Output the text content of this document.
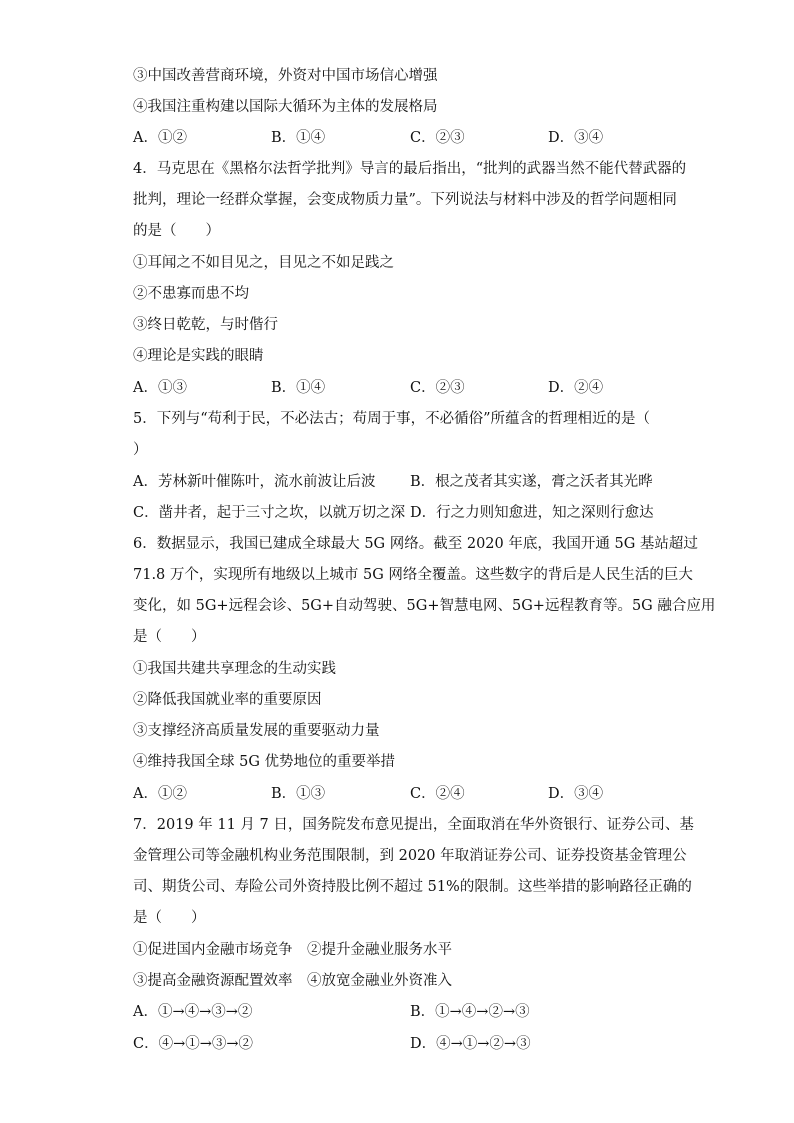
③中国改善营商环境，外资对中国市场信心增强
④我国注重构建以国际大循环为主体的发展格局
A．①②	B．①④	C．②③	D．③④
4．马克思在《黑格尔法哲学批判》导言的最后指出，“批判的武器当然不能代替武器的
批判，理论一经群众掌握，会变成物质力量”。下列说法与材料中涉及的哲学问题相同
的是（　　）
①耳闻之不如目见之，目见之不如足践之
②不患寡而患不均
③终日乾乾，与时偕行
④理论是实践的眼睛
A．①③	B．①④	C．②③	D．②④
5．下列与“苟利于民，不必法古；苟周于事，不必循俗”所蕴含的哲理相近的是（
）
A．芳林新叶催陈叶，流水前波让后波 B．根之茂者其实遂，膏之沃者其光晔
C．凿井者，起于三寸之坎，以就万切之深 D．行之力则知愈进，知之深则行愈达
6．数据显示，我国已建成全球最大 5G 网络。截至 2020 年底，我国开通 5G 基站超过
71.8 万个，实现所有地级以上城市 5G 网络全覆盖。这些数字的背后是人民生活的巨大
变化，如 5G+远程会诊、5G+自动驾驶、5G+智慧电网、5G+远程教育等。5G 融合应用
是（　　）
①我国共建共享理念的生动实践
②降低我国就业率的重要原因
③支撑经济高质量发展的重要驱动力量
④维持我国全球 5G 优势地位的重要举措
A．①②	B．①③	C．②④	D．③④
7．2019 年 11 月 7 日，国务院发布意见提出，全面取消在华外资银行、证券公司、基
金管理公司等金融机构业务范围限制，到 2020 年取消证券公司、证券投资基金管理公
司、期货公司、寿险公司外资持股比例不超过 51%的限制。这些举措的影响路径正确的
是（　　）
①促进国内金融市场竞争　②提升金融业服务水平
③提高金融资源配置效率　④放宽金融业外资准入
A．①→④→③→②	B．①→④→②→③
C．④→①→③→②	D．④→①→②→③
